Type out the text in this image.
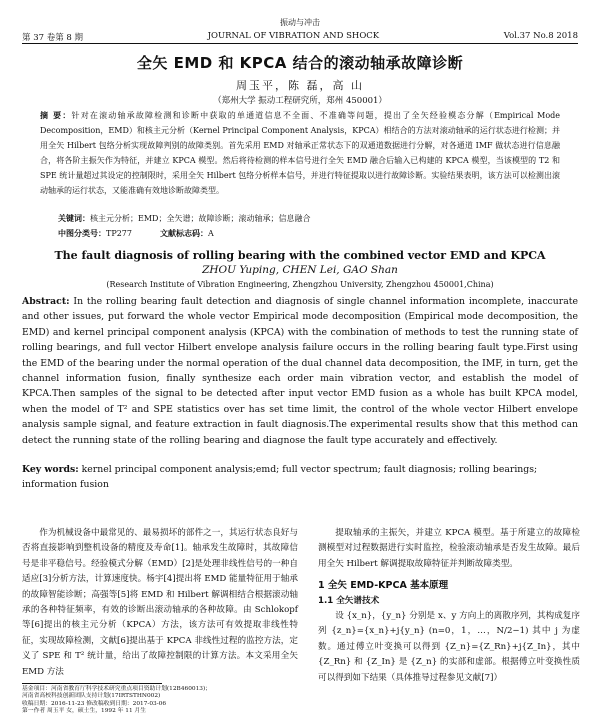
振动与冲击
第 37 卷第 8 期	JOURNAL OF VIBRATION AND SHOCK	Vol.37 No.8 2018
全矢 EMD 和 KPCA 结合的滚动轴承故障诊断
周玉平，陈 磊，高 山
（郑州大学 振动工程研究所，郑州 450001）
摘 要：针对在滚动轴承故障检测和诊断中获取的单通道信息不全面、不准确等问题，提出了全矢经验模态分解（Empirical Mode Decomposition，EMD）和核主元分析（Kernel Principal Component Analysis，KPCA）相结合的方法对滚动轴承的运行状态进行检测；并用全矢 Hilbert 包络分析实现故障判别的故障类别。首先采用 EMD 对轴承正常状态下的双通道数据进行分解，对各通道 IMF 做状态进行信息融合，将各阶主振矢作为特征，并建立 KPCA 模型。然后将待检测的样本信号进行全矢 EMD 融合后输入已构建的 KPCA 模型，当该模型的 T2 和 SPE 统计量超过其设定的控制限时，采用全矢 Hilbert 包络分析样本信号，并进行特征提取以进行故障诊断。实验结果表明，该方法可以检测出滚动轴承的运行状态，又能准确有效地诊断故障类型。
关键词：核主元分析；EMD；全矢谱；故障诊断；滚动轴承；信息融合
中图分类号：TP277	文献标志码：A
The fault diagnosis of rolling bearing with the combined vector EMD and KPCA
ZHOU Yuping, CHEN Lei, GAO Shan
(Research Institute of Vibration Engineering, Zhengzhou University, Zhengzhou 450001,China)
Abstract: In the rolling bearing fault detection and diagnosis of single channel information incomplete, inaccurate and other issues, put forward the whole vector Empirical mode decomposition (Empirical mode decomposition, the EMD) and kernel principal component analysis (KPCA) with the combination of methods to test the running state of rolling bearings, and full vector Hilbert envelope analysis failure occurs in the rolling bearing fault type.First using the EMD of the bearing under the normal operation of the dual channel data decomposition, the IMF, in turn, get the channel information fusion, finally synthesize each order main vibration vector, and establish the model of KPCA.Then samples of the signal to be detected after input vector EMD fusion as a whole has built KPCA model, when the model of T² and SPE statistics over has set time limit, the control of the whole vector Hilbert envelope analysis sample signal, and feature extraction in fault diagnosis.The experimental results show that this method can detect the running state of the rolling bearing and diagnose the fault type accurately and effectively.
Key words: kernel principal component analysis;emd; full vector spectrum; fault diagnosis; rolling bearings; information fusion
作为机械设备中最常见的、最易损坏的部件之一，其运行状态良好与否将直接影响到整机设备的精度及寿命[1]。轴承发生故障时，其故障信号是非平稳信号。经验模式分解（EMD）[2]是处理非线性信号的一种自适应[3]分析方法，计算速度快。杨宇[4]提出将 EMD 能量特征用于轴承的故障智能诊断；高强等[5]将 EMD 和 Hilbert 解调相结合根据滚动轴承的各种特征频率，有效的诊断出滚动轴承的各种故障。由 Schlokopf 等[6]提出的核主元分析（KPCA）方法，该方法可有效提取非线性特征，实现故障检测，文献[6]提出基于 KPCA 非线性过程的监控方法，定义了 SPE 和 T² 统计量，给出了故障控制限的计算方法。本文采用全矢 EMD 方法

提取轴承的主振矢，并建立 KPCA 模型。基于所建立的故障检测模型对过程数据进行实时监控，检验滚动轴承是否发生故障。最后用全矢 Hilbert 解调提取故障特征并判断故障类型。

1 全矢 EMD-KPCA 基本原理

1.1 全矢谱技术

设 {x_n}，{y_n} 分别是 x、y 方向上的离散序列，其构成复序列 {z_n}={x_n}+j{y_n} (n=0，1，…，N/2−1) 其中 j 为虚数。通过傅立叶变换可以得到 {Z_n}={Z_Rn}+j{Z_In}，其中 {Z_Rn} 和 {Z_In} 是 {Z_n} 的实部和虚部。根据傅立叶变换性质可以得到如下结果（具体推导过程参见文献[7]）

基金项目：河南省教育厅科学技术研究重点项目资助计划(12B460013)；
河南省高校科技创新团队支持计划(17IRTSTHN002)
收稿日期：2016-11-23 修改稿收到日期：2017-03-06
第一作者 周玉平 女，硕士生，1992 年 11 月生
